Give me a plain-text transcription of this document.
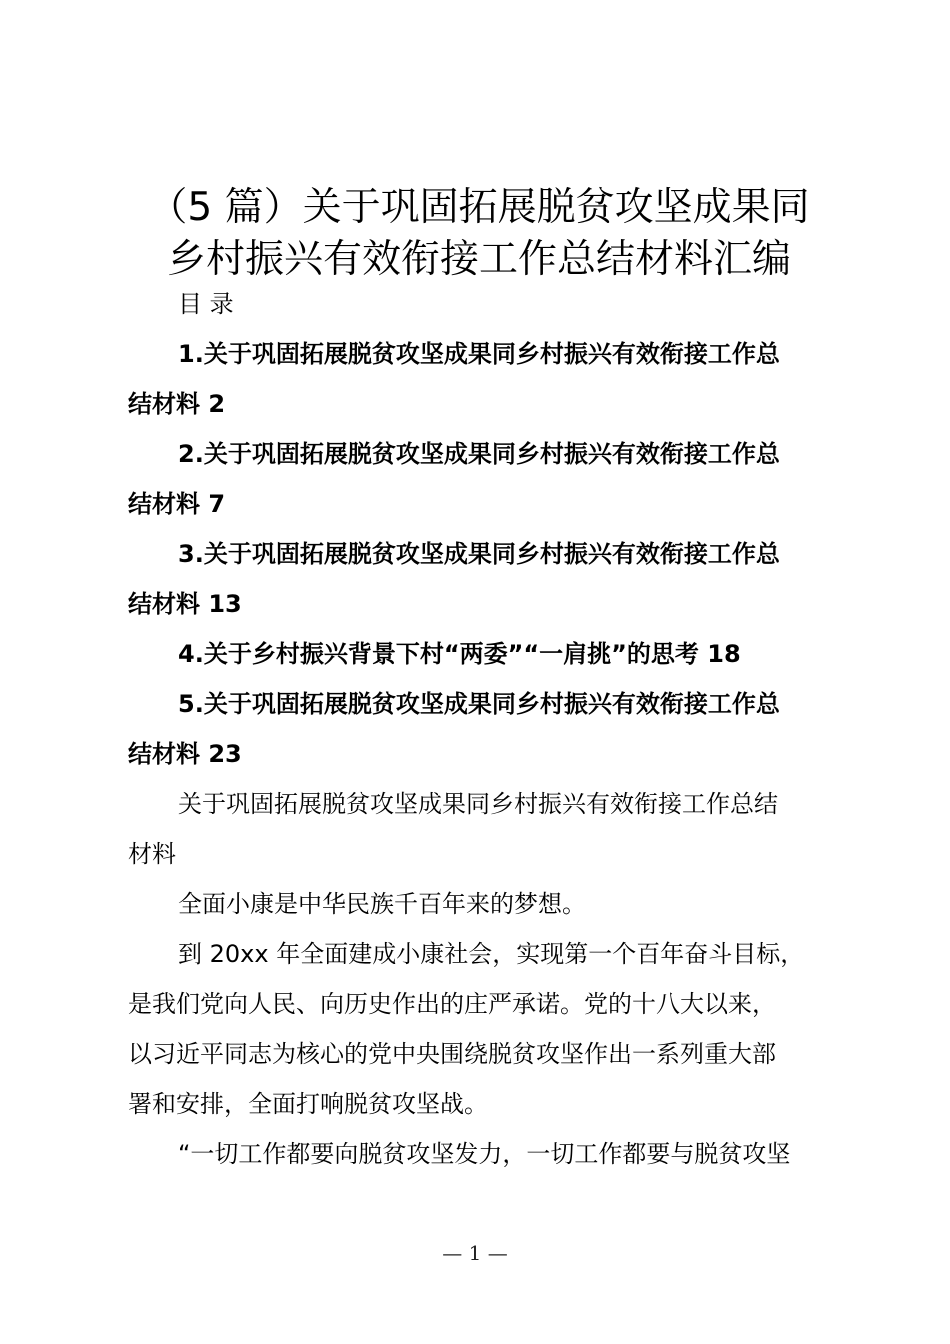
（5 篇）关于巩固拓展脱贫攻坚成果同
乡村振兴有效衔接工作总结材料汇编
目 录
1.关于巩固拓展脱贫攻坚成果同乡村振兴有效衔接工作总
结材料 2
2.关于巩固拓展脱贫攻坚成果同乡村振兴有效衔接工作总
结材料 7
3.关于巩固拓展脱贫攻坚成果同乡村振兴有效衔接工作总
结材料 13
4.关于乡村振兴背景下村“两委”“一肩挑”的思考 18
5.关于巩固拓展脱贫攻坚成果同乡村振兴有效衔接工作总
结材料 23
关于巩固拓展脱贫攻坚成果同乡村振兴有效衔接工作总结
材料
全面小康是中华民族千百年来的梦想。
到 20xx 年全面建成小康社会，实现第一个百年奋斗目标，
是我们党向人民、向历史作出的庄严承诺。党的十八大以来，
以习近平同志为核心的党中央围绕脱贫攻坚作出一系列重大部
署和安排，全面打响脱贫攻坚战。
“一切工作都要向脱贫攻坚发力，一切工作都要与脱贫攻坚
— 1 —
